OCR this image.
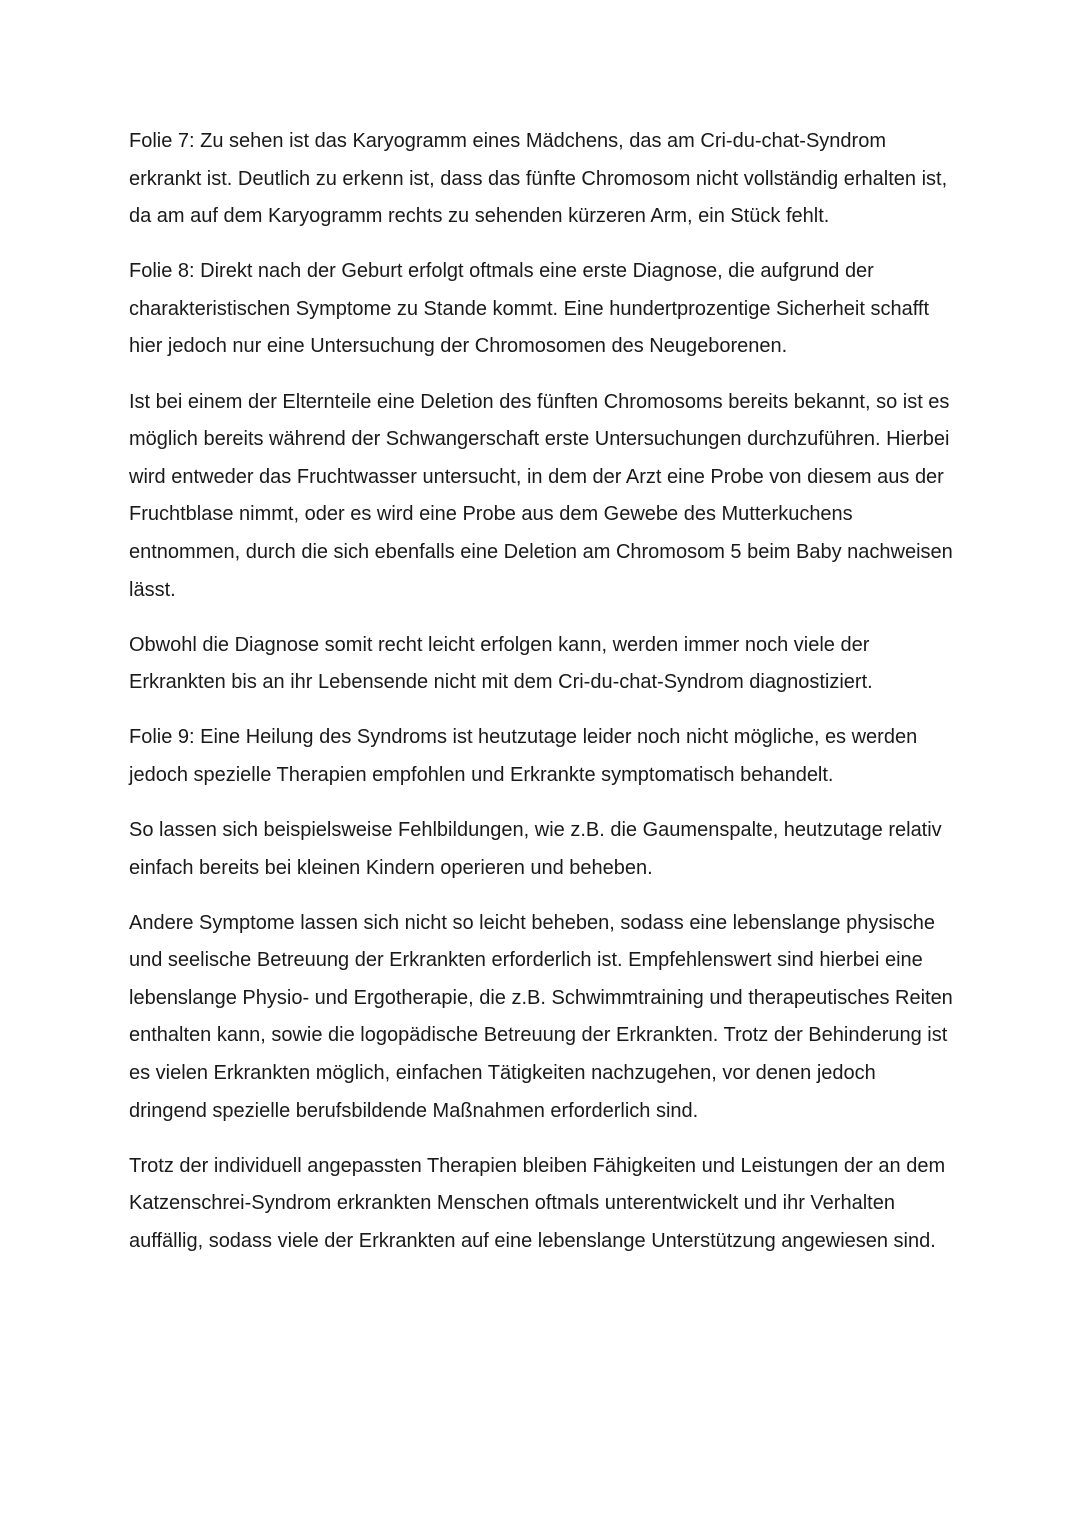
Folie 7: Zu sehen ist das Karyogramm eines Mädchens, das am Cri-du-chat-Syndrom erkrankt ist. Deutlich zu erkenn ist, dass das fünfte Chromosom nicht vollständig erhalten ist, da am auf dem Karyogramm rechts zu sehenden kürzeren Arm, ein Stück fehlt.

Folie 8: Direkt nach der Geburt erfolgt oftmals eine erste Diagnose, die aufgrund der charakteristischen Symptome zu Stande kommt. Eine hundertprozentige Sicherheit schafft hier jedoch nur eine Untersuchung der Chromosomen des Neugeborenen.

Ist bei einem der Elternteile eine Deletion des fünften Chromosoms bereits bekannt, so ist es möglich bereits während der Schwangerschaft erste Untersuchungen durchzuführen. Hierbei wird entweder das Fruchtwasser untersucht, in dem der Arzt eine Probe von diesem aus der Fruchtblase nimmt, oder es wird eine Probe aus dem Gewebe des Mutterkuchens entnommen, durch die sich ebenfalls eine Deletion am Chromosom 5 beim Baby nachweisen lässt.

Obwohl die Diagnose somit recht leicht erfolgen kann, werden immer noch viele der Erkrankten bis an ihr Lebensende nicht mit dem Cri-du-chat-Syndrom diagnostiziert.

Folie 9: Eine Heilung des Syndroms ist heutzutage leider noch nicht mögliche, es werden jedoch spezielle Therapien empfohlen und Erkrankte symptomatisch behandelt.

So lassen sich beispielsweise Fehlbildungen, wie z.B. die Gaumenspalte, heutzutage relativ einfach bereits bei kleinen Kindern operieren und beheben.

Andere Symptome lassen sich nicht so leicht beheben, sodass eine lebenslange physische und seelische Betreuung der Erkrankten erforderlich ist. Empfehlenswert sind hierbei eine lebenslange Physio- und Ergotherapie, die z.B. Schwimmtraining und therapeutisches Reiten enthalten kann, sowie die logopädische Betreuung der Erkrankten. Trotz der Behinderung ist es vielen Erkrankten möglich, einfachen Tätigkeiten nachzugehen, vor denen jedoch dringend spezielle berufsbildende Maßnahmen erforderlich sind.

Trotz der individuell angepassten Therapien bleiben Fähigkeiten und Leistungen der an dem Katzenschrei-Syndrom erkrankten Menschen oftmals unterentwickelt und ihr Verhalten auffällig, sodass viele der Erkrankten auf eine lebenslange Unterstützung angewiesen sind.
